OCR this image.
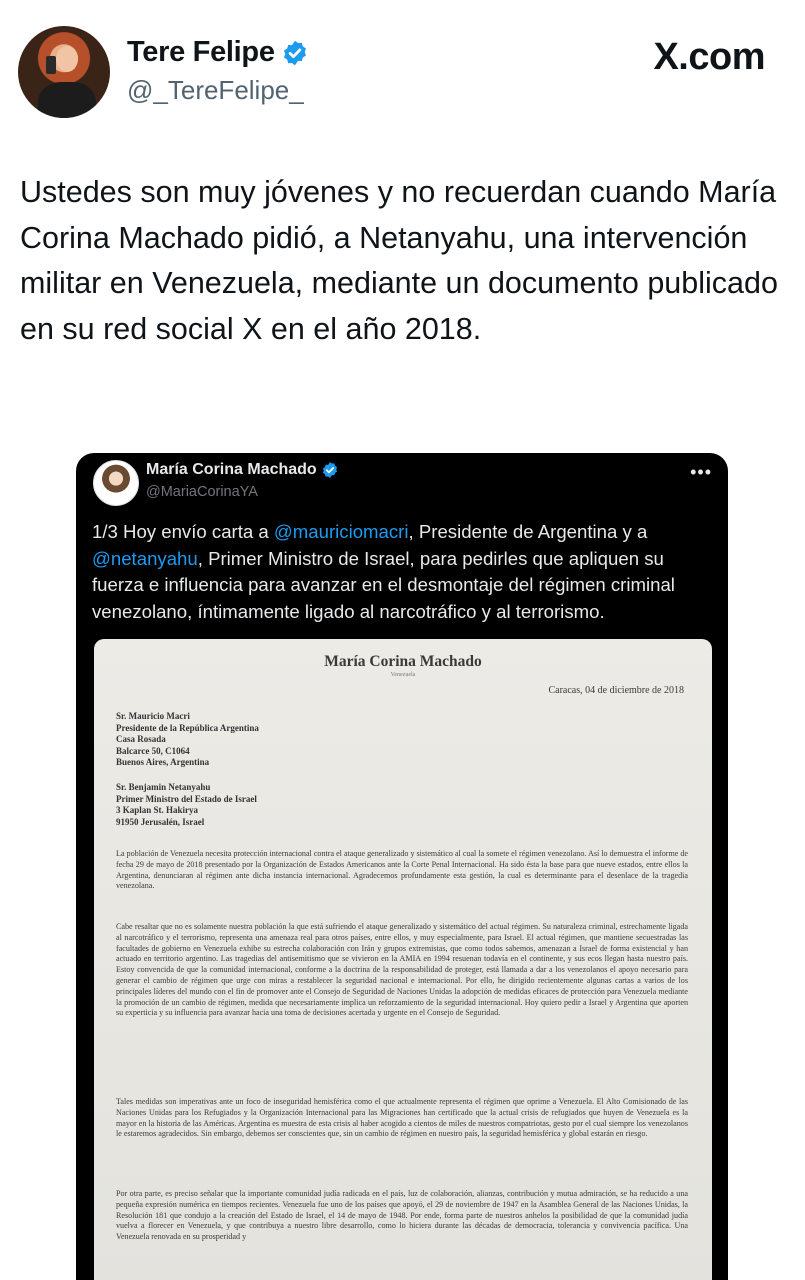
Tere Felipe
@_TereFelipe_
X.com
Ustedes son muy jóvenes y no recuerdan cuando María Corina Machado pidió, a Netanyahu, una intervención militar en Venezuela, mediante un documento publicado en su red social X en el año 2018.
María Corina Machado
@MariaCorinaYA
•••
1/3 Hoy envío carta a @mauriciomacri, Presidente de Argentina y a @netanyahu, Primer Ministro de Israel, para pedirles que apliquen su fuerza e influencia para avanzar en el desmontaje del régimen criminal venezolano, íntimamente ligado al narcotráfico y al terrorismo.
María Corina Machado
Venezuela
Caracas, 04 de diciembre de 2018
Sr. Mauricio Macri
Presidente de la República Argentina
Casa Rosada
Balcarce 50, C1064
Buenos Aires, Argentina
Sr. Benjamin Netanyahu
Primer Ministro del Estado de Israel
3 Kaplan St. Hakirya
91950 Jerusalén, Israel
La población de Venezuela necesita protección internacional contra el ataque generalizado y sistemático al cual la somete el régimen venezolano. Así lo demuestra el informe de fecha 29 de mayo de 2018 presentado por la Organización de Estados Americanos ante la Corte Penal Internacional. Ha sido ésta la base para que nueve estados, entre ellos la Argentina, denunciaran al régimen ante dicha instancia internacional. Agradecemos profundamente esta gestión, la cual es determinante para el desenlace de la tragedia venezolana.
Cabe resaltar que no es solamente nuestra población la que está sufriendo el ataque generalizado y sistemático del actual régimen. Su naturaleza criminal, estrechamente ligada al narcotráfico y el terrorismo, representa una amenaza real para otros países, entre ellos, y muy especialmente, para Israel. El actual régimen, que mantiene secuestradas las facultades de gobierno en Venezuela exhibe su estrecha colaboración con Irán y grupos extremistas, que como todos sabemos, amenazan a Israel de forma existencial y han actuado en territorio argentino. Las tragedias del antisemitismo que se vivieron en la AMIA en 1994 resuenan todavía en el continente, y sus ecos llegan hasta nuestro país. Estoy convencida de que la comunidad internacional, conforme a la doctrina de la responsabilidad de proteger, está llamada a dar a los venezolanos el apoyo necesario para generar el cambio de régimen que urge con miras a restablecer la seguridad nacional e internacional. Por ello, he dirigido recientemente algunas cartas a varios de los principales líderes del mundo con el fin de promover ante el Consejo de Seguridad de Naciones Unidas la adopción de medidas eficaces de protección para Venezuela mediante la promoción de un cambio de régimen, medida que necesariamente implica un reforzamiento de la seguridad internacional. Hoy quiero pedir a Israel y Argentina que aporten su experticia y su influencia para avanzar hacia una toma de decisiones acertada y urgente en el Consejo de Seguridad.
Tales medidas son imperativas ante un foco de inseguridad hemisférica como el que actualmente representa el régimen que oprime a Venezuela. El Alto Comisionado de las Naciones Unidas para los Refugiados y la Organización Internacional para las Migraciones han certificado que la actual crisis de refugiados que huyen de Venezuela es la mayor en la historia de las Américas. Argentina es muestra de esta crisis al haber acogido a cientos de miles de nuestros compatriotas, gesto por el cual siempre los venezolanos le estaremos agradecidos. Sin embargo, debemos ser conscientes que, sin un cambio de régimen en nuestro país, la seguridad hemisférica y global estarán en riesgo.
Por otra parte, es preciso señalar que la importante comunidad judía radicada en el país, luz de colaboración, alianzas, contribución y mutua admiración, se ha reducido a una pequeña expresión numérica en tiempos recientes. Venezuela fue uno de los países que apoyó, el 29 de noviembre de 1947 en la Asamblea General de las Naciones Unidas, la Resolución 181 que condujo a la creación del Estado de Israel, el 14 de mayo de 1948. Por ende, forma parte de nuestros anhelos la posibilidad de que la comunidad judía vuelva a florecer en Venezuela, y que contribuya a nuestro libre desarrollo, como lo hiciera durante las décadas de democracia, tolerancia y convivencia pacífica. Una Venezuela renovada en su prosperidad y
